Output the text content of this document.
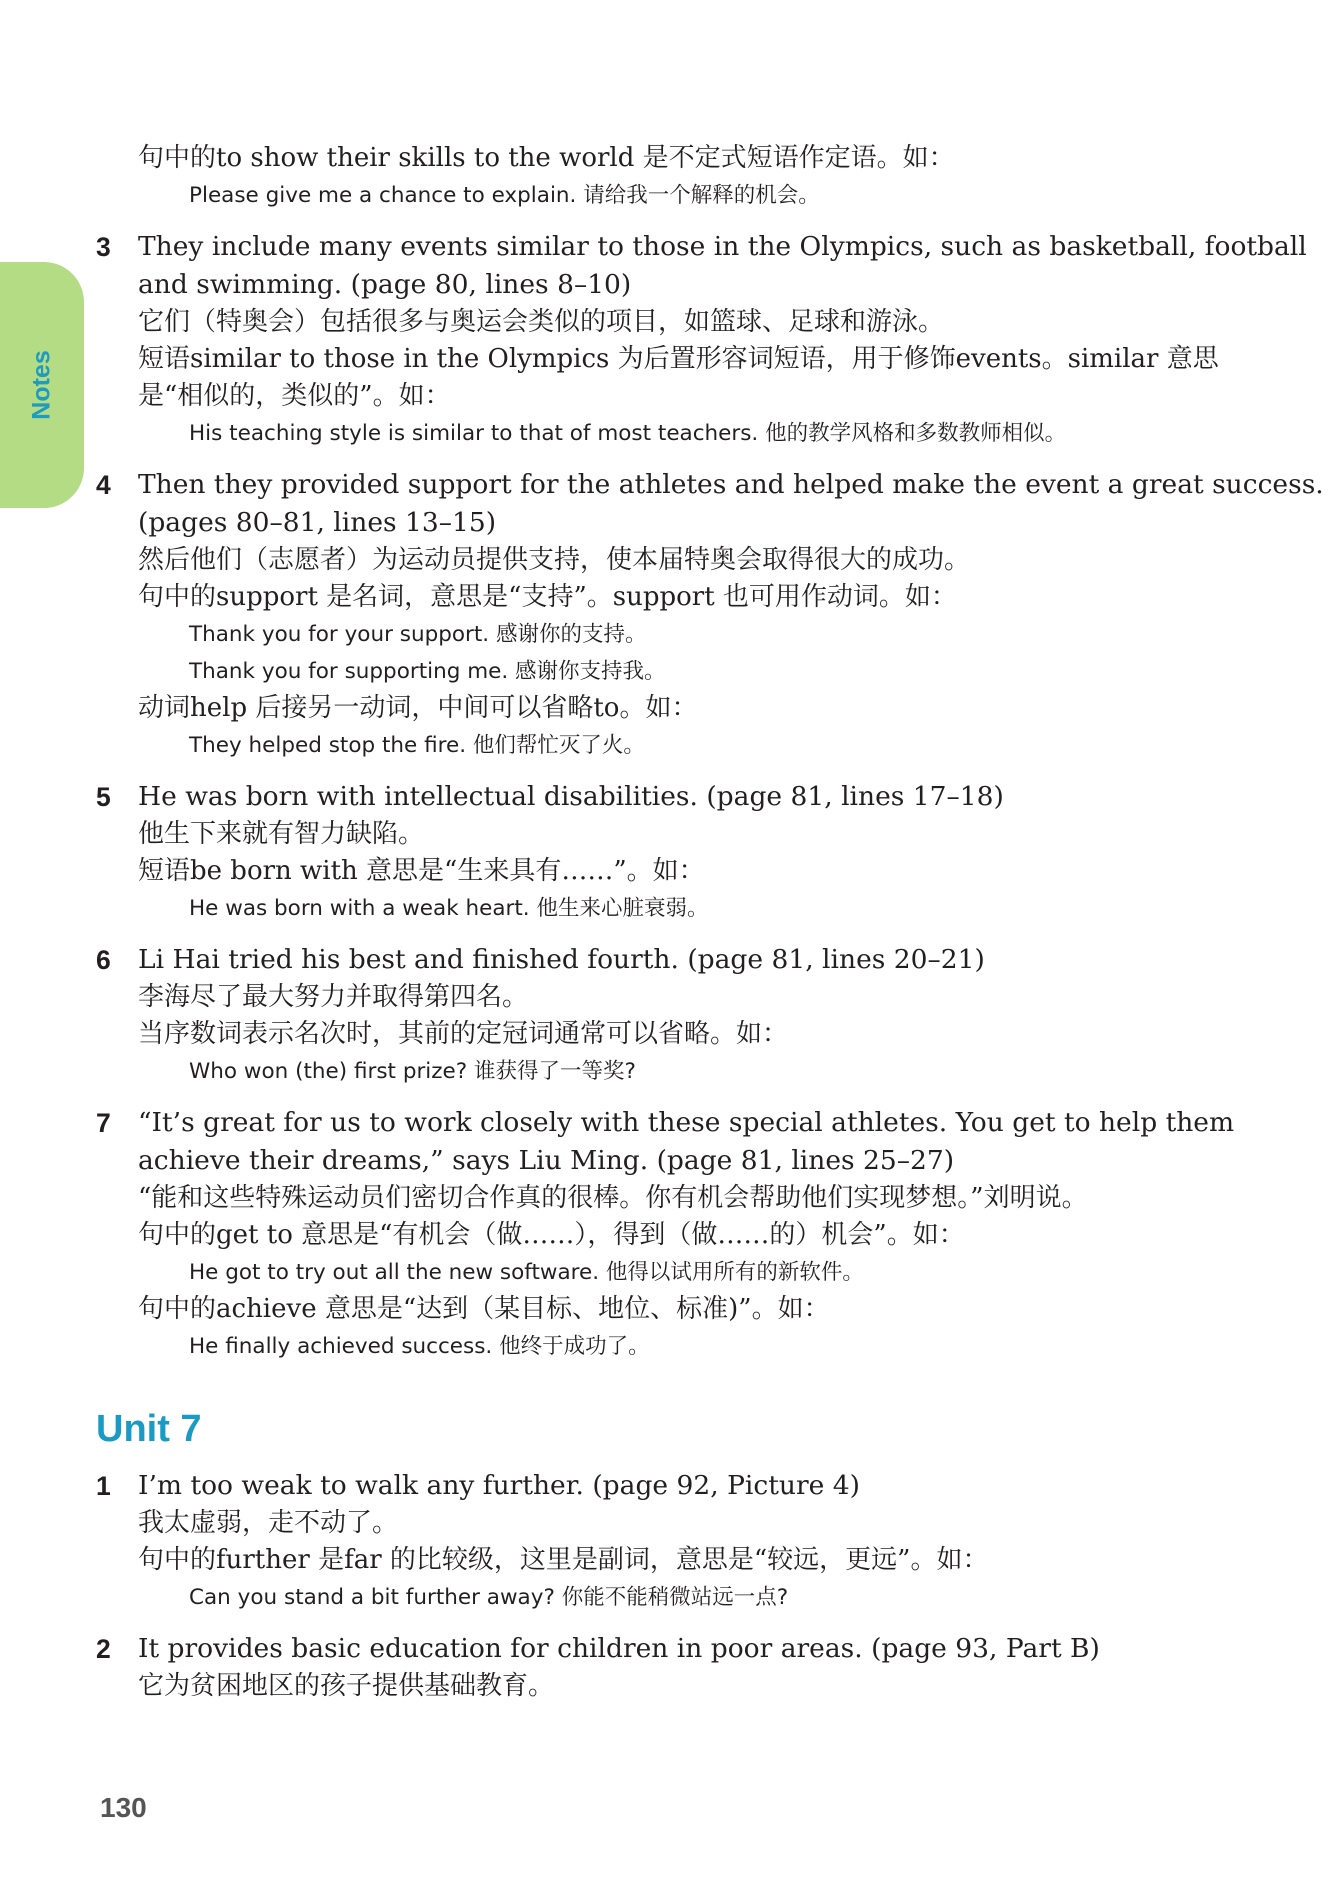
Notes
句中的to show their skills to the world 是不定式短语作定语。如：
Please give me a chance to explain. 请给我一个解释的机会。
3 They include many events similar to those in the Olympics, such as basketball, football
and swimming. (page 80, lines 8–10)
它们（特奥会）包括很多与奥运会类似的项目，如篮球、足球和游泳。
短语similar to those in the Olympics 为后置形容词短语，用于修饰events。similar 意思
是“相似的，类似的”。如：
His teaching style is similar to that of most teachers. 他的教学风格和多数教师相似。
4 Then they provided support for the athletes and helped make the event a great success.
(pages 80–81, lines 13–15)
然后他们（志愿者）为运动员提供支持，使本届特奥会取得很大的成功。
句中的support 是名词，意思是“支持”。support 也可用作动词。如：
Thank you for your support. 感谢你的支持。
Thank you for supporting me. 感谢你支持我。
动词help 后接另一动词，中间可以省略to。如：
They helped stop the fire. 他们帮忙灭了火。
5 He was born with intellectual disabilities. (page 81, lines 17–18)
他生下来就有智力缺陷。
短语be born with 意思是“生来具有……”。如：
He was born with a weak heart. 他生来心脏衰弱。
6 Li Hai tried his best and finished fourth. (page 81, lines 20–21)
李海尽了最大努力并取得第四名。
当序数词表示名次时，其前的定冠词通常可以省略。如：
Who won (the) first prize? 谁获得了一等奖?
7 “It’s great for us to work closely with these special athletes. You get to help them
achieve their dreams,” says Liu Ming. (page 81, lines 25–27)
“能和这些特殊运动员们密切合作真的很棒。你有机会帮助他们实现梦想。”刘明说。
句中的get to 意思是“有机会（做……），得到（做……的）机会”。如：
He got to try out all the new software. 他得以试用所有的新软件。
句中的achieve 意思是“达到（某目标、地位、标准)”。如：
He finally achieved success. 他终于成功了。
Unit 7
1 I’m too weak to walk any further. (page 92, Picture 4)
我太虚弱，走不动了。
句中的further 是far 的比较级，这里是副词，意思是“较远，更远”。如：
Can you stand a bit further away? 你能不能稍微站远一点?
2 It provides basic education for children in poor areas. (page 93, Part B)
它为贫困地区的孩子提供基础教育。
130
